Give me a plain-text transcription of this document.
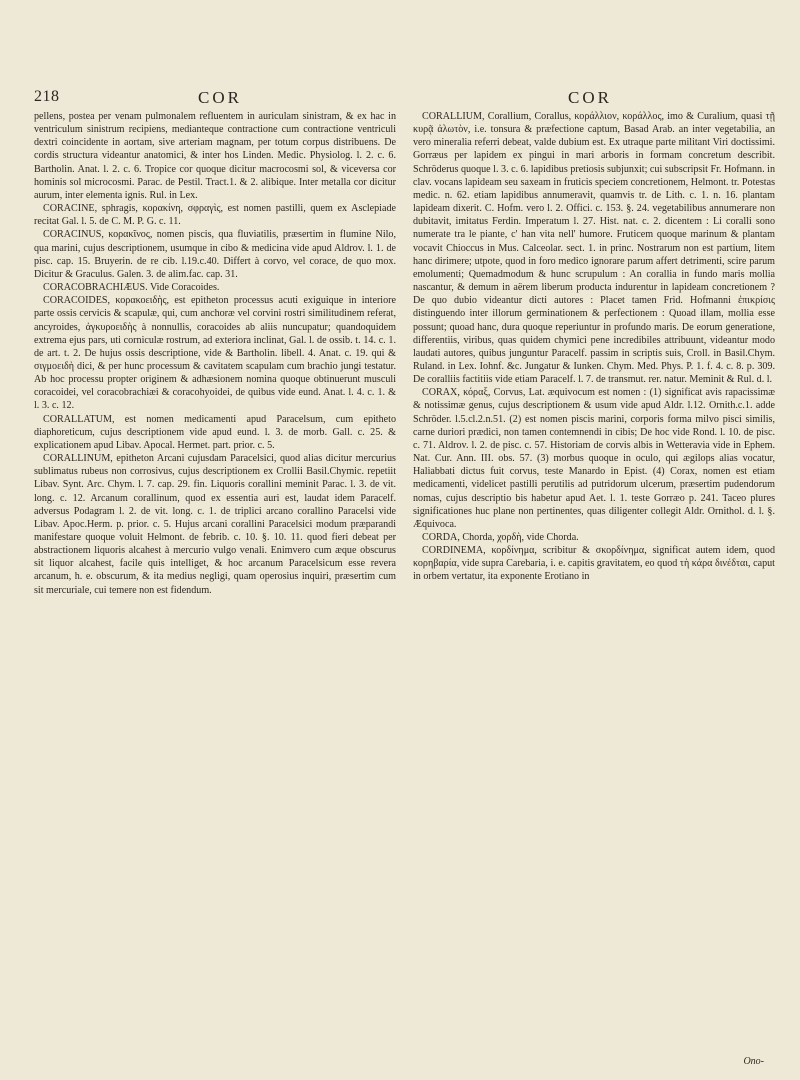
218	COR	COR

pellens, postea per venam pulmonalem refluentem in auriculam sinistram, & ex hac in ventriculum sinistrum recipiens, medianteque contractione cum contractione ventriculi dextri coincidente in aortam, sive arteriam magnam, per totum corpus distribuens. De cordis structura videantur anatomici, & inter hos Linden. Medic. Physiolog. l. 2. c. 6. Bartholin. Anat. l. 2. c. 6. Tropice cor quoque dicitur macrocosmi sol, & viceversa cor hominis sol microcosmi. Parac. de Pestil. Tract.1. & 2. alibique. Inter metalla cor dicitur aurum, inter elementa ignis. Rul. in Lex.

CORACINE, sphragis, κορακίνη, σφραγὶς, est nomen pastilli, quem ex Asclepiade recitat Gal. l. 5. de C. M. P. G. c. 11.

CORACINUS, κορακῖνος, nomen piscis, qua fluviatilis, præsertim in flumine Nilo, qua marini, cujus descriptionem, usumque in cibo & medicina vide apud Aldrov. l. 1. de pisc. cap. 15. Bruyerin. de re cib. l.19.c.40. Differt à corvo, vel corace, de quo mox. Dicitur & Graculus. Galen. 3. de alim.fac. cap. 31.

CORACOBRACHIÆUS. Vide Coracoides.

CORACOIDES, κορακοειδὴς, est epitheton processus acuti exiguique in interiore parte ossis cervicis & scapulæ, qui, cum anchoræ vel corvini rostri similitudinem referat, ancyroides, ἀγκυροειδὴς à nonnullis, coracoides ab aliis nuncupatur; quandoquidem extrema ejus pars, uti corniculæ rostrum, ad exteriora inclinat, Gal. l. de ossib. t. 14. c. 1. de art. t. 2. De hujus ossis descriptione, vide & Bartholin. libell. 4. Anat. c. 19. qui & σιγμοειδὴ dici, & per hunc processum & cavitatem scapulam cum brachio jungi testatur. Ab hoc processu propter originem & adhæsionem nomina quoque obtinuerunt musculi coracoidei, vel coracobrachiæi & coracohyoidei, de quibus vide eund. Anat. l. 4. c. 1. & l. 3. c. 12.

CORALLATUM, est nomen medicamenti apud Paracelsum, cum epitheto diaphoreticum, cujus descriptionem vide apud eund. l. 3. de morb. Gall. c. 25. & explicationem apud Libav. Apocal. Hermet. part. prior. c. 5.

CORALLINUM, epitheton Arcani cujusdam Paracelsici, quod alias dicitur mercurius sublimatus rubeus non corrosivus, cujus descriptionem ex Crollii Basil.Chymic. repetiit Libav. Synt. Arc. Chym. l. 7. cap. 29. fin. Liquoris corallini meminit Parac. l. 3. de vit. long. c. 12. Arcanum corallinum, quod ex essentia auri est, laudat idem Paracelf. adversus Podagram l. 2. de vit. long. c. 1. de triplici arcano corallino Paracelsi vide Libav. Apoc.Herm. p. prior. c. 5. Hujus arcani corallini Paracelsici modum præparandi manifestare quoque voluit Helmont. de febrib. c. 10. §. 10. 11. quod fieri debeat per abstractionem liquoris alcahest à mercurio vulgo venali. Enimvero cum æque obscurus sit liquor alcahest, facile quis intelliget, & hoc arcanum Paracelsicum esse revera arcanum, h. e. obscurum, & ita medius negligi, quam operosius inquiri, præsertim cum sit mercuriale, cui temere non est fidendum.

CORALLIUM, Corallium, Corallus, κοράλλιον, κοράλλος, imo & Curalium, quasi τῇ κυρᾷ ἀλωτὸν, i.e. tonsura & præfectione captum, Basad Arab. an inter vegetabilia, an vero mineralia referri debeat, valde dubium est. Ex utraque parte militant Viri doctissimi. Gorræus per lapidem ex pingui in mari arboris in formam concretum describit. Schröderus quoque l. 3. c. 6. lapidibus pretiosis subjunxit; cui subscripsit Fr. Hofmann. in clav. vocans lapideam seu saxeam in fruticis speciem concretionem, Helmont. tr. Potestas medic. n. 62. etiam lapidibus annumeravit, quamvis tr. de Lith. c. 1. n. 16. plantam lapideam dixerit. C. Hofm. vero l. 2. Offici. c. 153. §. 24. vegetabilibus annumerare non dubitavit, imitatus Ferdin. Imperatum l. 27. Hist. nat. c. 2. dicentem : Li coralli sono numerate tra le piante, c' han vita nell' humore. Fruticem quoque marinum & plantam vocavit Chioccus in Mus. Calceolar. sect. 1. in princ. Nostrarum non est partium, litem hanc dirimere; utpote, quod in foro medico ignorare parum affert detrimenti, scire parum emolumenti; Quemadmodum & hunc scrupulum : An corallia in fundo maris mollia nascantur, & demum in aërem liberum producta indurentur in lapideam concretionem ? De quo dubio videantur dicti autores : Placet tamen Frid. Hofmanni ἐπικρίσις distinguendo inter illorum germinationem & perfectionem : Quoad illam, mollia esse possunt; quoad hanc, dura quoque reperiuntur in profundo maris. De eorum generatione, differentiis, viribus, quas quidem chymici pene incredibiles attribuunt, videantur modo laudati autores, quibus junguntur Paracelf. passim in scriptis suis, Croll. in Basil.Chym. Ruland. in Lex. Iohnf. &c. Jungatur & Iunken. Chym. Med. Phys. P. 1. f. 4. c. 8. p. 309. De coralliis factitiis vide etiam Paracelf. l. 7. de transmut. rer. natur. Meminit & Rul. d. l.

CORAX, κόραξ, Corvus, Lat. æquivocum est nomen : (1) significat avis rapacissimæ & notissimæ genus, cujus descriptionem & usum vide apud Aldr. l.12. Ornith.c.1. adde Schröder. l.5.cl.2.n.51. (2) est nomen piscis marini, corporis forma milvo pisci similis, carne duriori prædici, non tamen contemnendi in cibis; De hoc vide Rond. l. 10. de pisc. c. 71. Aldrov. l. 2. de pisc. c. 57. Historiam de corvis albis in Wetteravia vide in Ephem. Nat. Cur. Ann. III. obs. 57. (3) morbus quoque in oculo, qui ægilops alias vocatur, Haliabbati dictus fuit corvus, teste Manardo in Epist. (4) Corax, nomen est etiam medicamenti, videlicet pastilli perutilis ad putridorum ulcerum, præsertim pudendorum nomas, cujus descriptio bis habetur apud Aet. l. 1. teste Gorræo p. 241. Taceo plures significationes huc plane non pertinentes, quas diligenter collegit Aldr. Ornithol. d. l. §. Æquivoca.

CORDA, Chorda, χορδὴ, vide Chorda.

CORDINEMA, κορδίνημα, scribitur & σκορδίνημα, significat autem idem, quod κορηβαρία, vide supra Carebaria, i. e. capitis gravitatem, eo quod τὴ κάρα δινέδται, caput in orbem vertatur, ita exponente Erotiano in

Ono-
